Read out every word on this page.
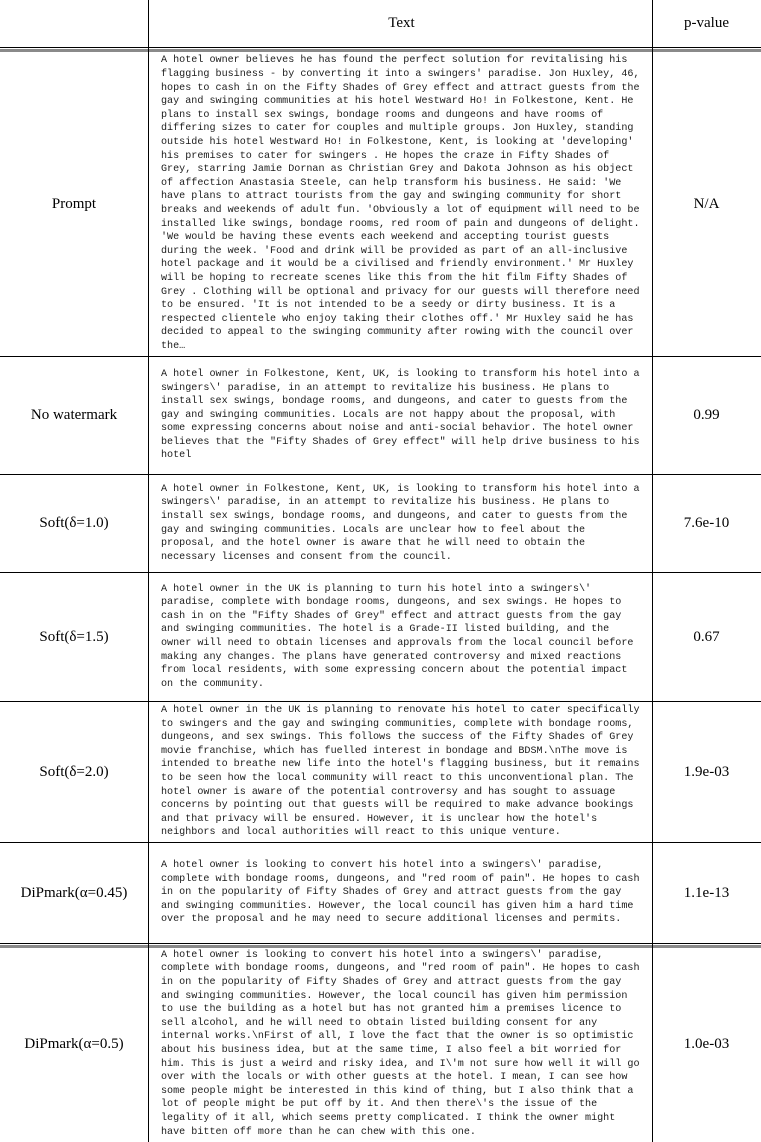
Text	p-value
Prompt
A hotel owner believes he has found the perfect solution for revitalising his flagging business - by converting it into a swingers' paradise. Jon Huxley, 46, hopes to cash in on the Fifty Shades of Grey effect and attract guests from the gay and swinging communities at his hotel Westward Ho! in Folkestone, Kent. He plans to install sex swings, bondage rooms and dungeons and have rooms of differing sizes to cater for couples and multiple groups. Jon Huxley, standing outside his hotel Westward Ho! in Folkestone, Kent, is looking at 'developing' his premises to cater for swingers . He hopes the craze in Fifty Shades of Grey, starring Jamie Dornan as Christian Grey and Dakota Johnson as his object of affection Anastasia Steele, can help transform his business. He said: 'We have plans to attract tourists from the gay and swinging community for short breaks and weekends of adult fun. 'Obviously a lot of equipment will need to be installed like swings, bondage rooms, red room of pain and dungeons of delight. 'We would be having these events each weekend and accepting tourist guests during the week. 'Food and drink will be provided as part of an all-inclusive hotel package and it would be a civilised and friendly environment.' Mr Huxley will be hoping to recreate scenes like this from the hit film Fifty Shades of Grey . Clothing will be optional and privacy for our guests will therefore need to be ensured. 'It is not intended to be a seedy or dirty business. It is a respected clientele who enjoy taking their clothes off.' Mr Huxley said he has decided to appeal to the swinging community after rowing with the council over the…
N/A
No watermark
A hotel owner in Folkestone, Kent, UK, is looking to transform his hotel into a swingers\' paradise, in an attempt to revitalize his business. He plans to install sex swings, bondage rooms, and dungeons, and cater to guests from the gay and swinging communities. Locals are not happy about the proposal, with some expressing concerns about noise and anti-social behavior. The hotel owner believes that the "Fifty Shades of Grey effect" will help drive business to his hotel
0.99
Soft(δ=1.0)
A hotel owner in Folkestone, Kent, UK, is looking to transform his hotel into a swingers\' paradise, in an attempt to revitalize his business. He plans to install sex swings, bondage rooms, and dungeons, and cater to guests from the gay and swinging communities. Locals are unclear how to feel about the proposal, and the hotel owner is aware that he will need to obtain the necessary licenses and consent from the council.
7.6e-10
Soft(δ=1.5)
A hotel owner in the UK is planning to turn his hotel into a swingers\' paradise, complete with bondage rooms, dungeons, and sex swings. He hopes to cash in on the "Fifty Shades of Grey" effect and attract guests from the gay and swinging communities. The hotel is a Grade-II listed building, and the owner will need to obtain licenses and approvals from the local council before making any changes. The plans have generated controversy and mixed reactions from local residents, with some expressing concern about the potential impact on the community.
0.67
Soft(δ=2.0)
A hotel owner in the UK is planning to renovate his hotel to cater specifically to swingers and the gay and swinging communities, complete with bondage rooms, dungeons, and sex swings. This follows the success of the Fifty Shades of Grey movie franchise, which has fuelled interest in bondage and BDSM.\nThe move is intended to breathe new life into the hotel's flagging business, but it remains to be seen how the local community will react to this unconventional plan. The hotel owner is aware of the potential controversy and has sought to assuage concerns by pointing out that guests will be required to make advance bookings and that privacy will be ensured. However, it is unclear how the hotel's neighbors and local authorities will react to this unique venture.
1.9e-03
DiPmark(α=0.45)
A hotel owner is looking to convert his hotel into a swingers\' paradise, complete with bondage rooms, dungeons, and "red room of pain". He hopes to cash in on the popularity of Fifty Shades of Grey and attract guests from the gay and swinging communities. However, the local council has given him a hard time over the proposal and he may need to secure additional licenses and permits.
1.1e-13
DiPmark(α=0.5)
A hotel owner is looking to convert his hotel into a swingers\' paradise, complete with bondage rooms, dungeons, and "red room of pain". He hopes to cash in on the popularity of Fifty Shades of Grey and attract guests from the gay and swinging communities. However, the local council has given him permission to use the building as a hotel but has not granted him a premises licence to sell alcohol, and he will need to obtain listed building consent for any internal works.\nFirst of all, I love the fact that the owner is so optimistic about his business idea, but at the same time, I also feel a bit worried for him. This is just a weird and risky idea, and I\'m not sure how well it will go over with the locals or with other guests at the hotel. I mean, I can see how some people might be interested in this kind of thing, but I also think that a lot of people might be put off by it. And then there\'s the issue of the legality of it all, which seems pretty complicated. I think the owner might have bitten off more than he can chew with this one.
1.0e-03
